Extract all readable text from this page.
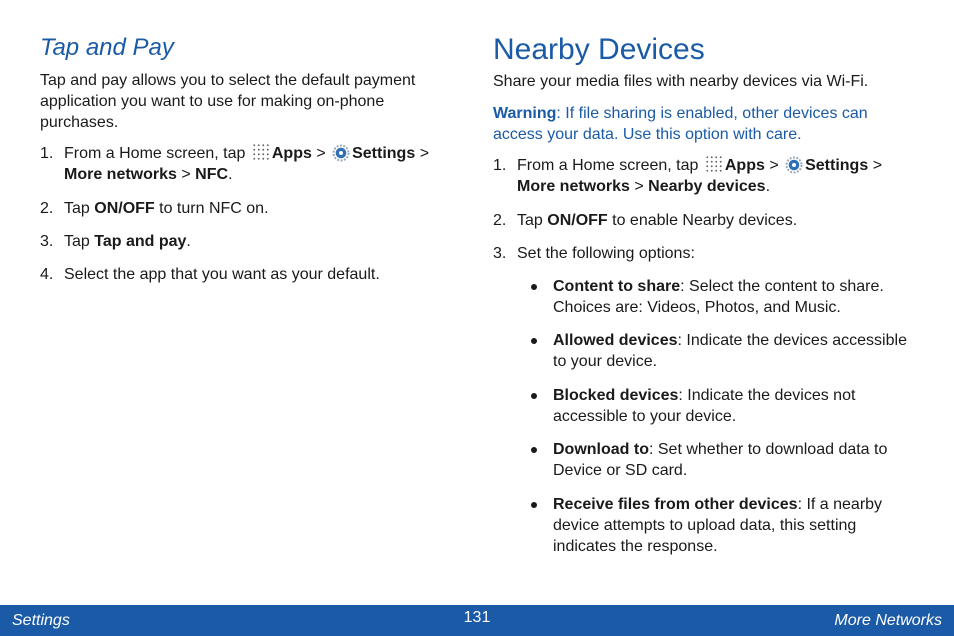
Tap and Pay

Tap and pay allows you to select the default payment application you want to use for making on-phone purchases.

1. From a Home screen, tap Apps > Settings >
More networks > NFC.
2. Tap ON/OFF to turn NFC on.
3. Tap Tap and pay.
4. Select the app that you want as your default.
Nearby Devices

Share your media files with nearby devices via Wi-Fi.

Warning: If file sharing is enabled, other devices can access your data. Use this option with care.

1. From a Home screen, tap Apps > Settings >
More networks > Nearby devices.
2. Tap ON/OFF to enable Nearby devices.
3. Set the following options:
Content to share: Select the content to share. Choices are: Videos, Photos, and Music.
Allowed devices: Indicate the devices accessible to your device.
Blocked devices: Indicate the devices not accessible to your device.
Download to: Set whether to download data to Device or SD card.
Receive files from other devices: If a nearby device attempts to upload data, this setting indicates the response.
Settings	131	More Networks
